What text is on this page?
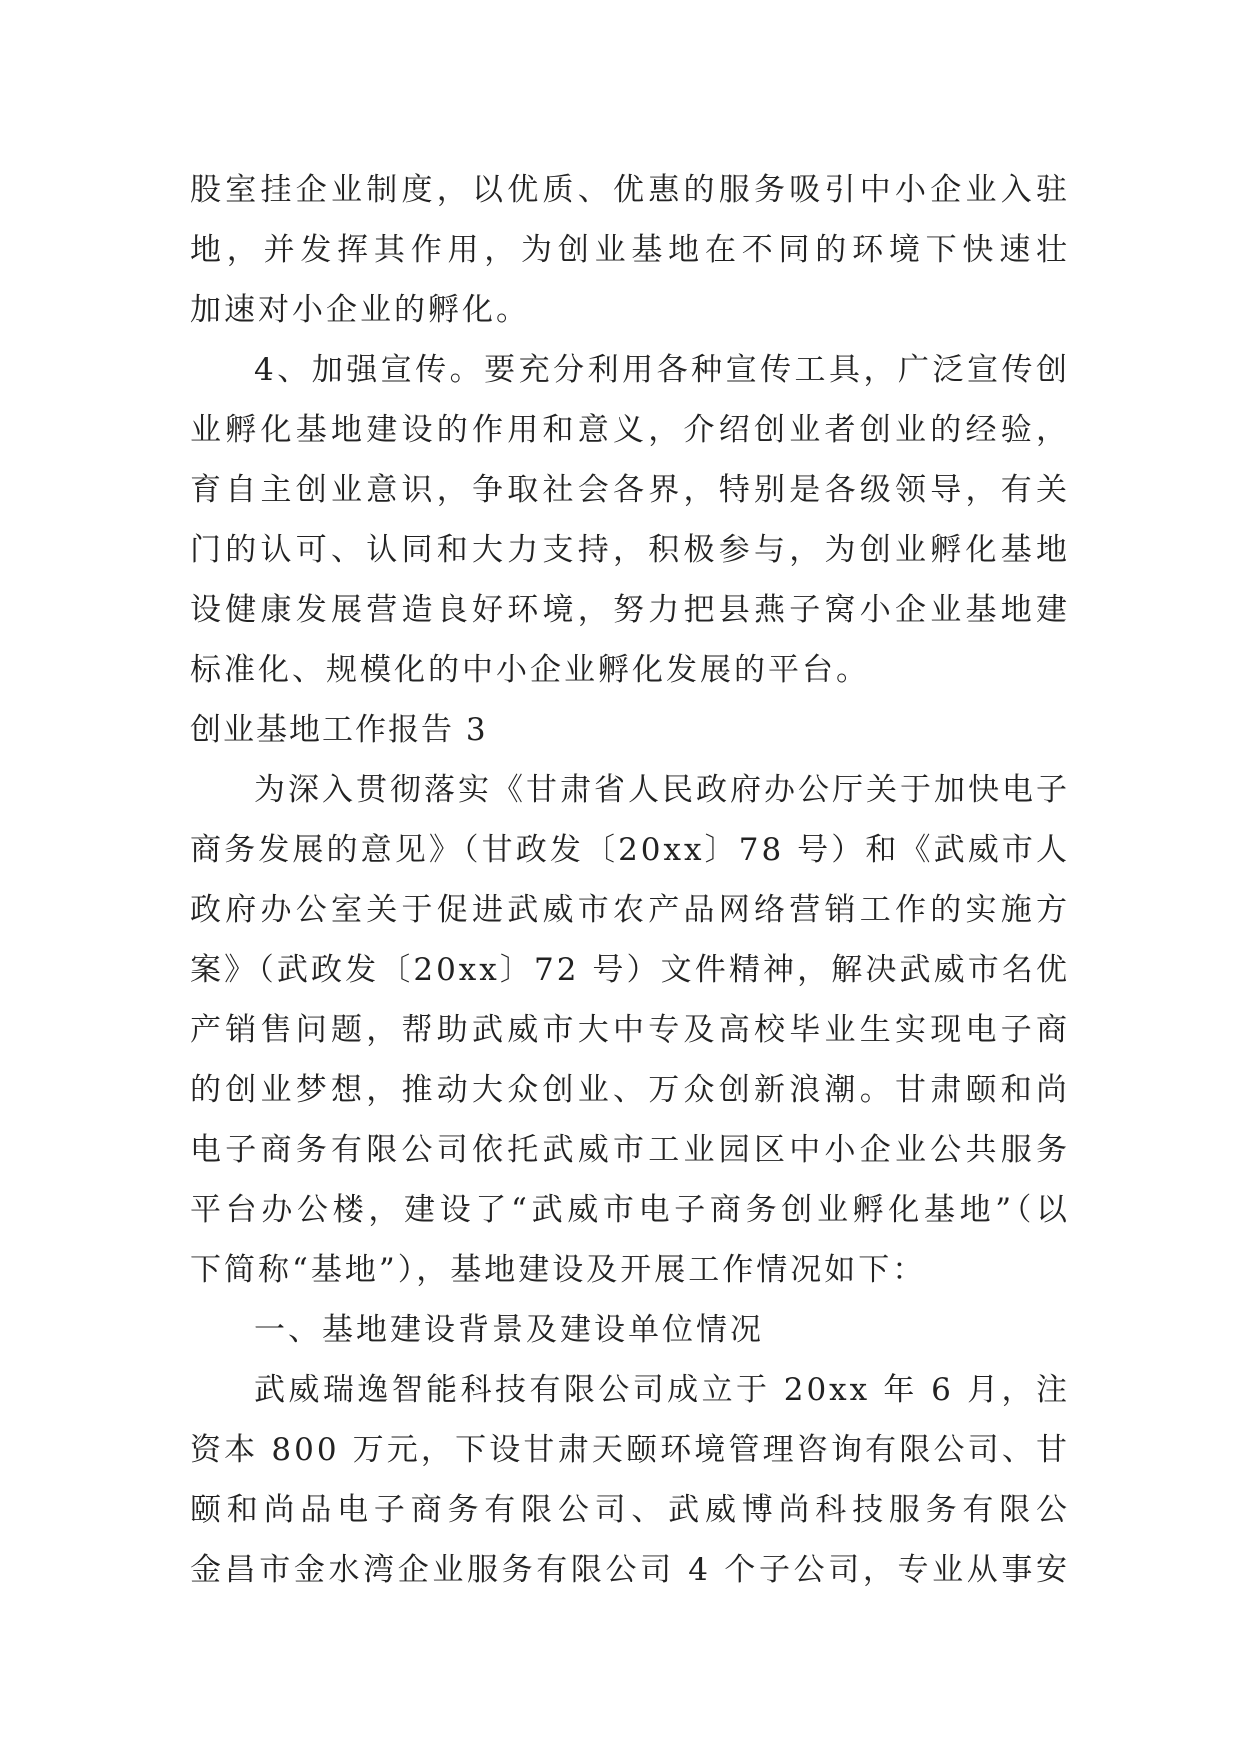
股室挂企业制度，以优质、优惠的服务吸引中小企业入驻
地，并发挥其作用，为创业基地在不同的环境下快速壮
加速对小企业的孵化。
4、加强宣传。要充分利用各种宣传工具，广泛宣传创
业孵化基地建设的作用和意义，介绍创业者创业的经验，
育自主创业意识，争取社会各界，特别是各级领导，有关
门的认可、认同和大力支持，积极参与，为创业孵化基地
设健康发展营造良好环境，努力把县燕子窝小企业基地建
标准化、规模化的中小企业孵化发展的平台。
创业基地工作报告 3
为深入贯彻落实《甘肃省人民政府办公厅关于加快电子
商务发展的意见》（甘政发〔20xx〕78 号）和《武威市人
政府办公室关于促进武威市农产品网络营销工作的实施方
案》（武政发〔20xx〕72 号）文件精神，解决武威市名优
产销售问题，帮助武威市大中专及高校毕业生实现电子商
的创业梦想，推动大众创业、万众创新浪潮。甘肃颐和尚
电子商务有限公司依托武威市工业园区中小企业公共服务
平台办公楼，建设了“武威市电子商务创业孵化基地”（以
下简称“基地”），基地建设及开展工作情况如下：
一、基地建设背景及建设单位情况
武威瑞逸智能科技有限公司成立于 20xx 年 6 月，注
资本 800 万元，下设甘肃天颐环境管理咨询有限公司、甘
颐和尚品电子商务有限公司、武威博尚科技服务有限公
金昌市金水湾企业服务有限公司 4 个子公司，专业从事安
